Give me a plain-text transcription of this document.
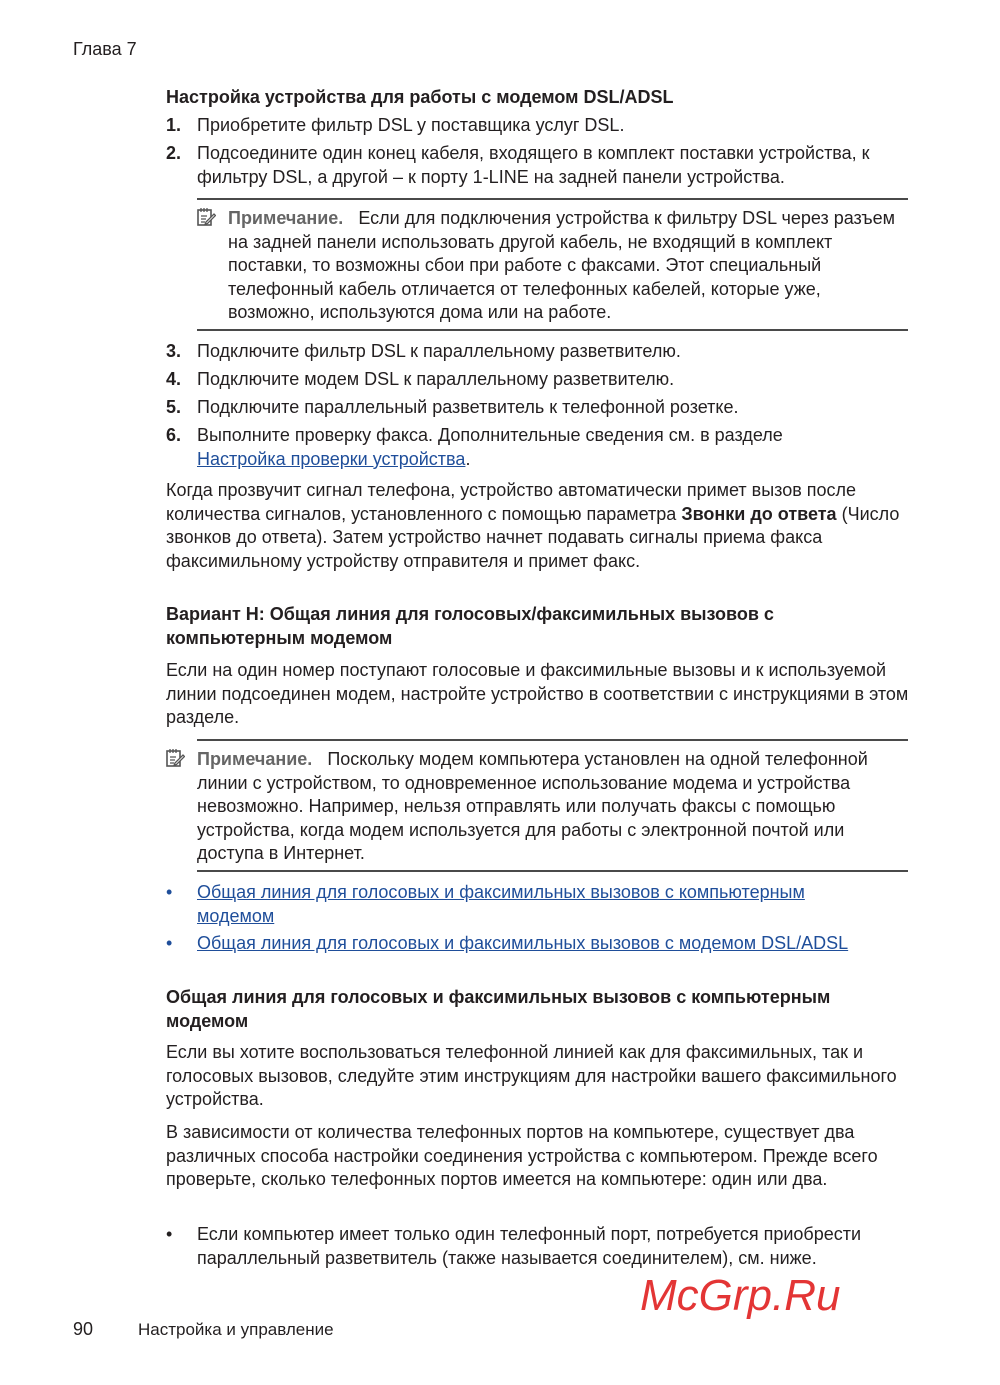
Глава 7
Настройка устройства для работы с модемом DSL/ADSL
1. Приобретите фильтр DSL у поставщика услуг DSL.
2. Подсоедините один конец кабеля, входящего в комплект поставки устройства, к фильтру DSL, а другой – к порту 1-LINE на задней панели устройства.
Примечание. Если для подключения устройства к фильтру DSL через разъем на задней панели использовать другой кабель, не входящий в комплект поставки, то возможны сбои при работе с факсами. Этот специальный телефонный кабель отличается от телефонных кабелей, которые уже, возможно, используются дома или на работе.
3. Подключите фильтр DSL к параллельному разветвителю.
4. Подключите модем DSL к параллельному разветвителю.
5. Подключите параллельный разветвитель к телефонной розетке.
6. Выполните проверку факса. Дополнительные сведения см. в разделе
Настройка проверки устройства.
Когда прозвучит сигнал телефона, устройство автоматически примет вызов после количества сигналов, установленного с помощью параметра Звонки до ответа (Число звонков до ответа). Затем устройство начнет подавать сигналы приема факса факсимильному устройству отправителя и примет факс.
Вариант H: Общая линия для голосовых/факсимильных вызовов с компьютерным модемом
Если на один номер поступают голосовые и факсимильные вызовы и к используемой линии подсоединен модем, настройте устройство в соответствии с инструкциями в этом разделе.
Примечание. Поскольку модем компьютера установлен на одной телефонной линии с устройством, то одновременное использование модема и устройства невозможно. Например, нельзя отправлять или получать факсы с помощью устройства, когда модем используется для работы с электронной почтой или доступа в Интернет.
• Общая линия для голосовых и факсимильных вызовов с компьютерным модемом
• Общая линия для голосовых и факсимильных вызовов с модемом DSL/ADSL
Общая линия для голосовых и факсимильных вызовов с компьютерным модемом
Если вы хотите воспользоваться телефонной линией как для факсимильных, так и голосовых вызовов, следуйте этим инструкциям для настройки вашего факсимильного устройства.
В зависимости от количества телефонных портов на компьютере, существует два различных способа настройки соединения устройства с компьютером. Прежде всего проверьте, сколько телефонных портов имеется на компьютере: один или два.
• Если компьютер имеет только один телефонный порт, потребуется приобрести параллельный разветвитель (также называется соединителем), см. ниже.
McGrp.Ru
90	Настройка и управление
